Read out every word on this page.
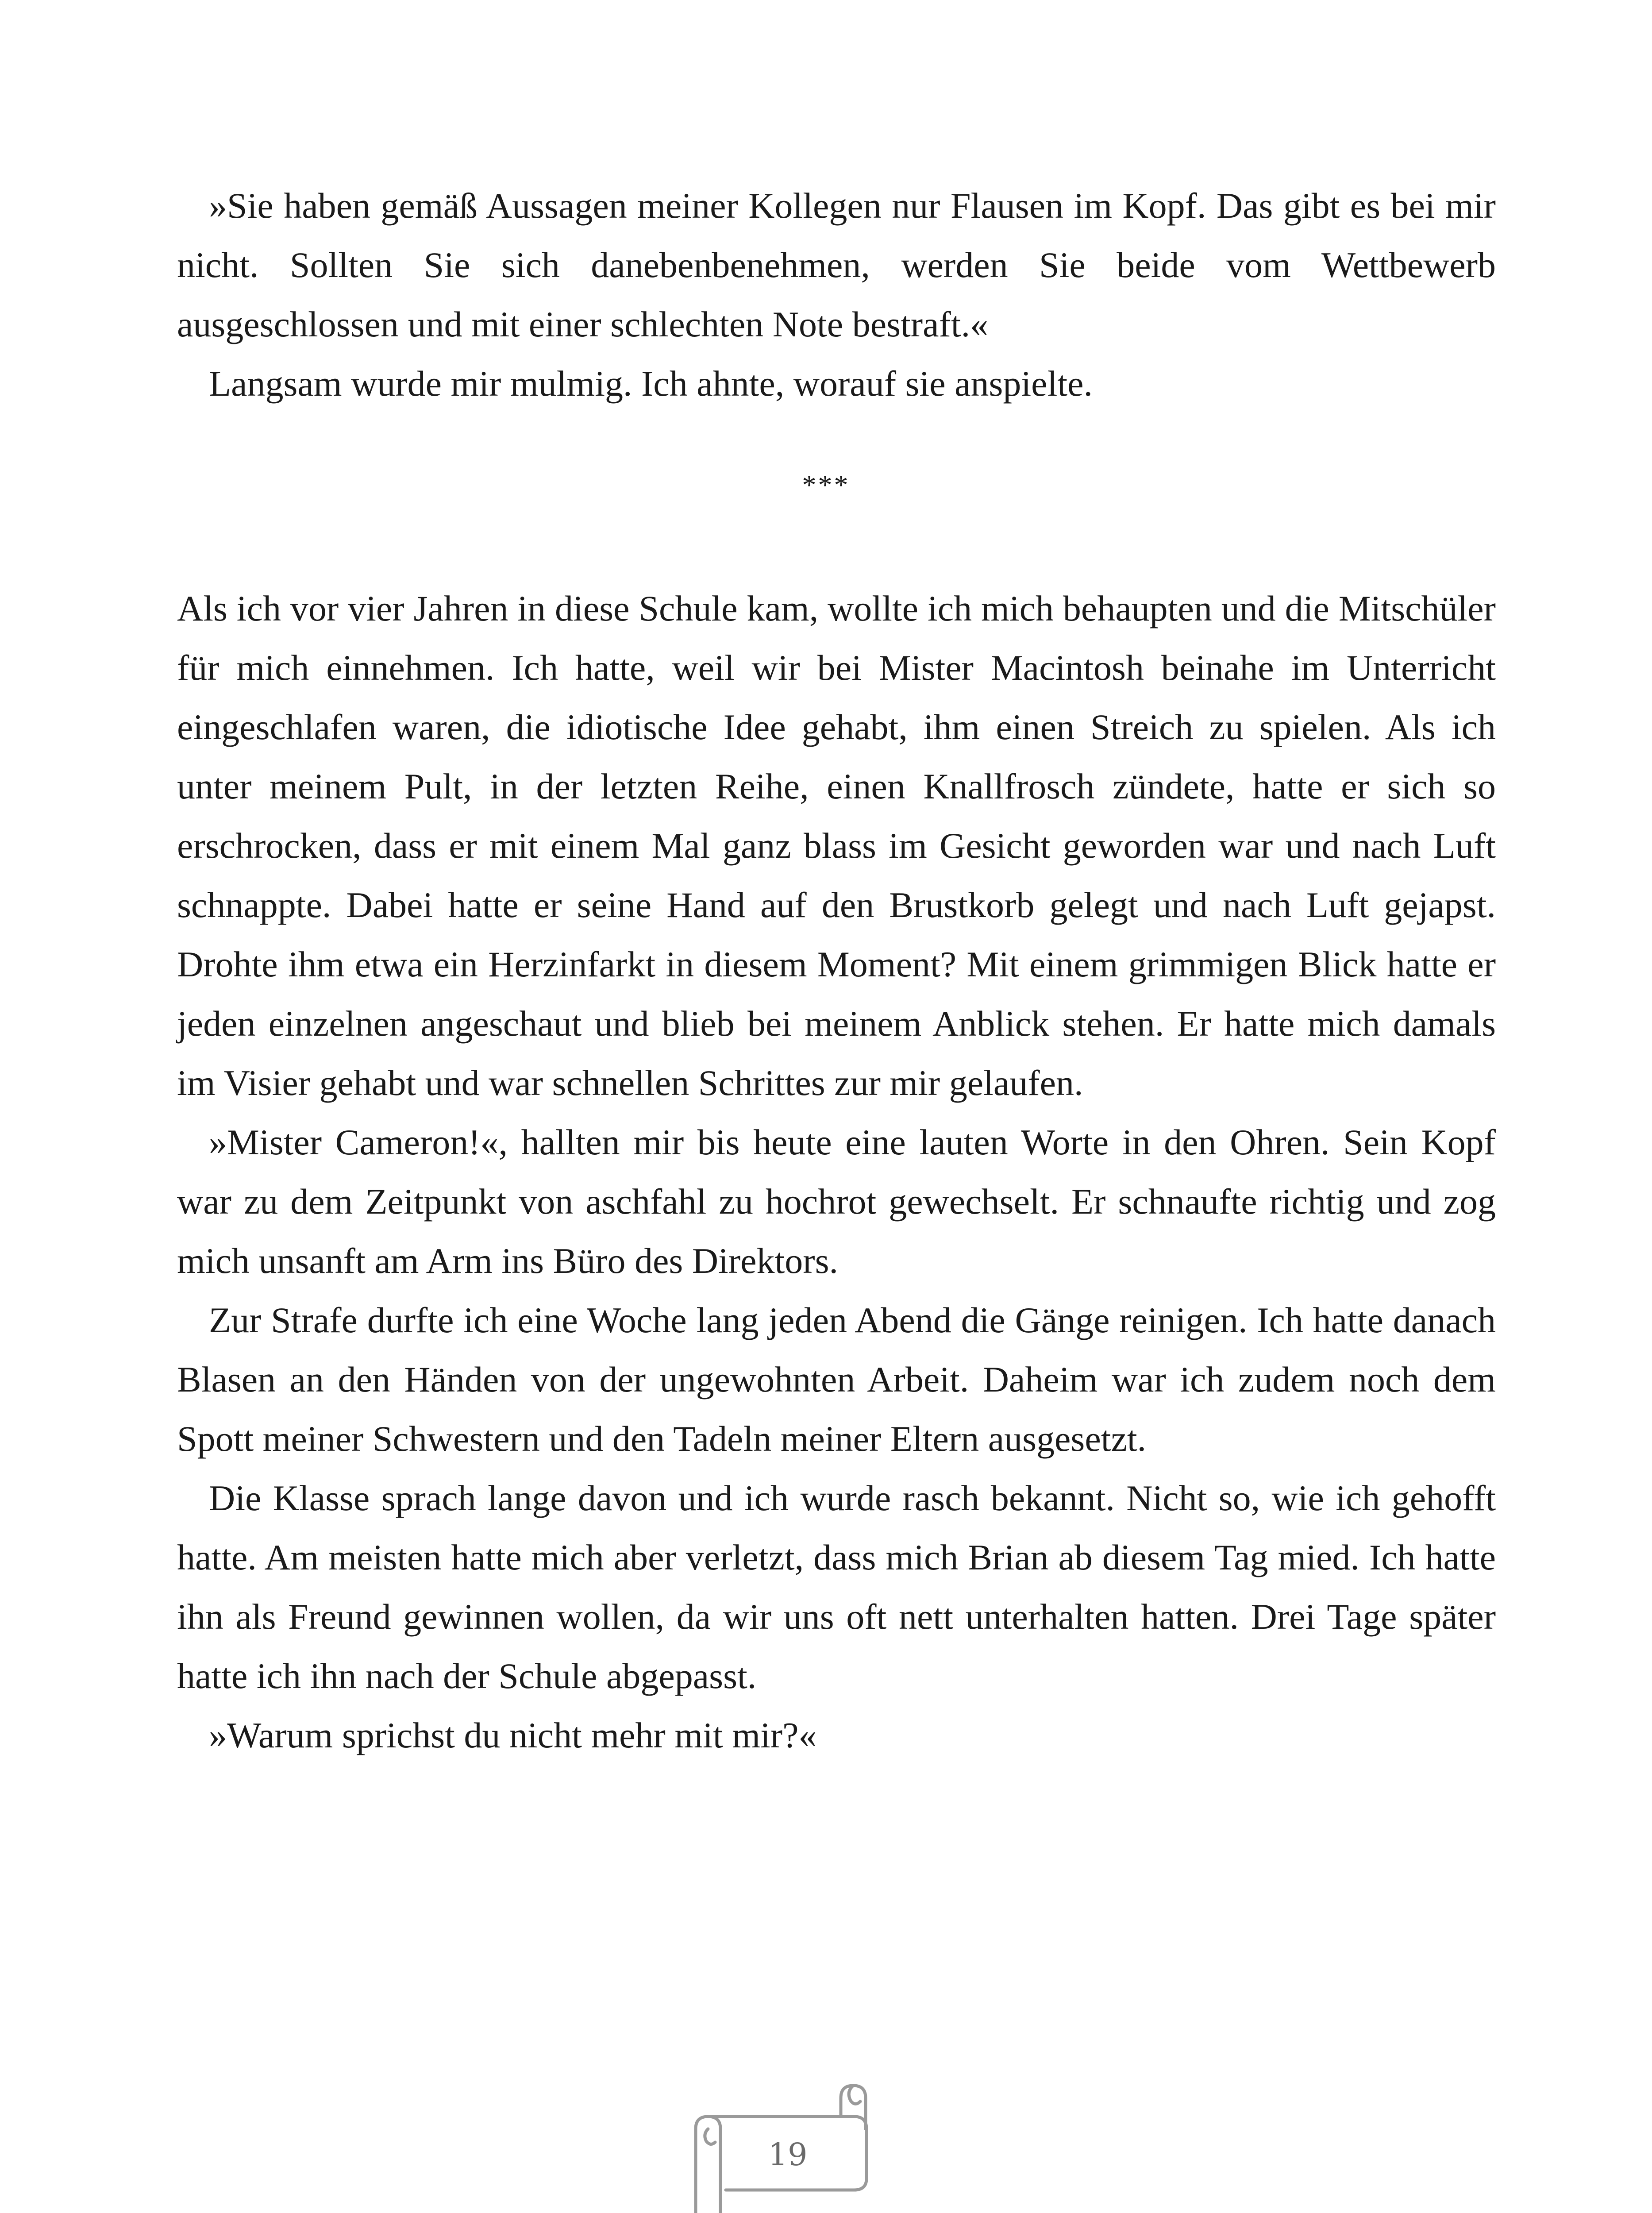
»Sie haben gemäß Aussagen meiner Kollegen nur Flausen im Kopf. Das gibt es bei mir nicht. Sollten Sie sich danebenbenehmen, werden Sie beide vom Wettbewerb ausgeschlossen und mit einer schlechten Note bestraft.«

Langsam wurde mir mulmig. Ich ahnte, worauf sie anspielte.

***

Als ich vor vier Jahren in diese Schule kam, wollte ich mich behaupten und die Mitschüler für mich einnehmen. Ich hatte, weil wir bei Mister Macintosh beinahe im Unterricht eingeschlafen waren, die idiotische Idee gehabt, ihm einen Streich zu spielen. Als ich unter meinem Pult, in der letzten Reihe, einen Knallfrosch zündete, hatte er sich so erschrocken, dass er mit einem Mal ganz blass im Gesicht geworden war und nach Luft schnappte. Dabei hatte er seine Hand auf den Brustkorb gelegt und nach Luft gejapst. Drohte ihm etwa ein Herzinfarkt in diesem Moment? Mit einem grimmigen Blick hatte er jeden einzelnen angeschaut und blieb bei meinem Anblick stehen. Er hatte mich damals im Visier gehabt und war schnellen Schrittes zur mir gelaufen.

»Mister Cameron!«, hallten mir bis heute eine lauten Worte in den Ohren. Sein Kopf war zu dem Zeitpunkt von aschfahl zu hochrot gewechselt. Er schnaufte richtig und zog mich unsanft am Arm ins Büro des Direktors.

Zur Strafe durfte ich eine Woche lang jeden Abend die Gänge reinigen. Ich hatte danach Blasen an den Händen von der ungewohnten Arbeit. Daheim war ich zudem noch dem Spott meiner Schwestern und den Tadeln meiner Eltern ausgesetzt.

Die Klasse sprach lange davon und ich wurde rasch bekannt. Nicht so, wie ich gehofft hatte. Am meisten hatte mich aber verletzt, dass mich Brian ab diesem Tag mied. Ich hatte ihn als Freund gewinnen wollen, da wir uns oft nett unterhalten hatten. Drei Tage später hatte ich ihn nach der Schule abgepasst.

»Warum sprichst du nicht mehr mit mir?«

19
